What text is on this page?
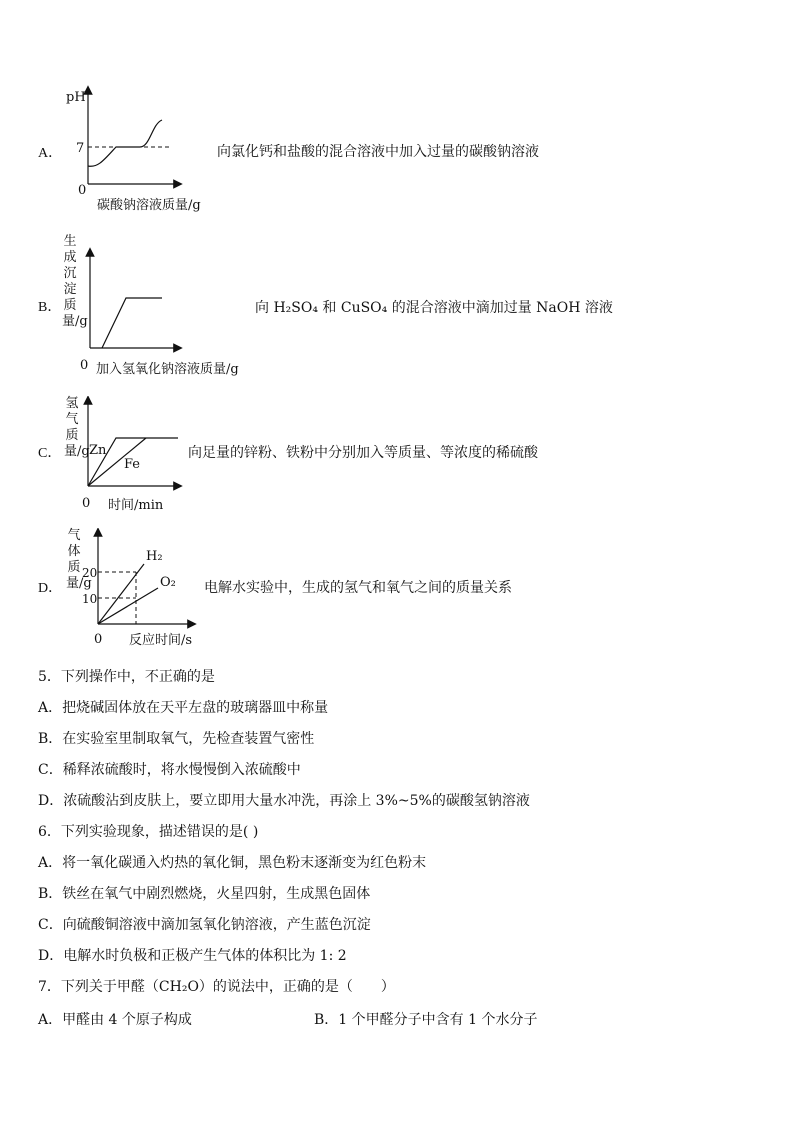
A．
pH
7
0
碳酸钠溶液质量/g
向氯化钙和盐酸的混合溶液中加入过量的碳酸钠溶液
B．
生成沉淀质量/g
0 加入氢氧化钠溶液质量/g
向 H₂SO₄ 和 CuSO₄ 的混合溶液中滴加过量 NaOH 溶液
C．
氢气质量/g Zn
Fe
0 时间/min
向足量的锌粉、铁粉中分别加入等质量、等浓度的稀硫酸
D．
气体质量/g
20
10
H₂
O₂
0 反应时间/s
电解水实验中，生成的氢气和氧气之间的质量关系
5．下列操作中，不正确的是
A．把烧碱固体放在天平左盘的玻璃器皿中称量
B．在实验室里制取氧气，先检查装置气密性
C．稀释浓硫酸时，将水慢慢倒入浓硫酸中
D．浓硫酸沾到皮肤上，要立即用大量水冲洗，再涂上 3%~5%的碳酸氢钠溶液
6．下列实验现象，描述错误的是( )
A．将一氧化碳通入灼热的氧化铜，黑色粉末逐渐变为红色粉末
B．铁丝在氧气中剧烈燃烧，火星四射，生成黑色固体
C．向硫酸铜溶液中滴加氢氧化钠溶液，产生蓝色沉淀
D．电解水时负极和正极产生气体的体积比为 1: 2
7．下列关于甲醛（CH₂O）的说法中，正确的是（　　）
A．甲醛由 4 个原子构成	B．1 个甲醛分子中含有 1 个水分子
